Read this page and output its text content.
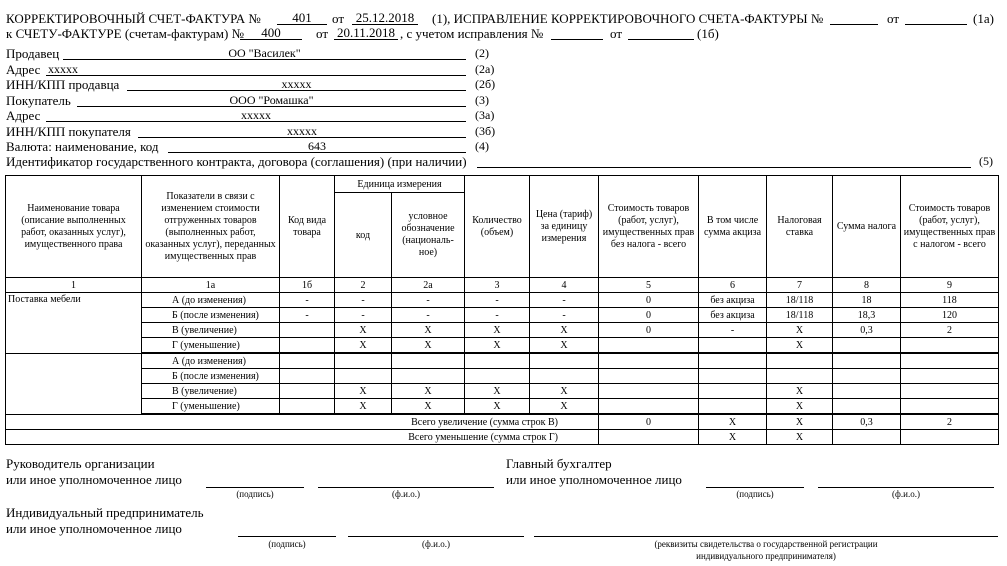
КОРРЕКТИРОВОЧНЫЙ СЧЕТ-ФАКТУРА №	401	от 25.12.2018 (1), ИСПРАВЛЕНИЕ КОРРЕКТИРОВОЧНОГО СЧЕТА-ФАКТУРЫ №	от	(1а)
к СЧЕТУ-ФАКТУРЕ (счетам-фактурам) №	400	от 20.11.2018 , с учетом исправления №	от	(1б)
Продавец	ОО "Василек"	(2)
Адрес xxxxx	(2а)
ИНН/КПП продавца	xxxxx	(2б)
Покупатель	ООО "Ромашка"	(3)
Адрес	xxxxx	(3а)
ИНН/КПП покупателя	xxxxx	(3б)
Валюта: наименование, код	643	(4)
Идентификатор государственного контракта, договора (соглашения) (при наличии)	(5)
Наименование товара (описание выполненных работ, оказанных услуг), имущественного права	Показатели в связи с изменением стоимости отгруженных товаров (выполненных работ, оказанных услуг), переданных имущественных прав	Код вида товара	Единица измерения		Количество (объем)	Цена (тариф) за единицу измерения	Стоимость товаров (работ, услуг), имущественных прав без налога - всего	В том числе сумма акциза	Налоговая ставка	Сумма налога	Стоимость товаров (работ, услуг), имущественных прав с налогом - всего
			код	условное обозначение (националь-ное)							
1	1а	1б	2	2а	3	4	5	6	7	8	9
Поставка мебели	А (до изменения)	-	-	-	-	-	0	без акциза	18/118	18	118
	Б (после изменения)	-	-	-	-	-	0	без акциза	18/118	18,3	120
	В (увеличение)		X	X	X	X	0	-	X	0,3	2
	Г (уменьшение)		X	X	X	X			X		
	А (до изменения)										
	Б (после изменения)										
	В (увеличение)		X	X	X	X			X		
	Г (уменьшение)		X	X	X	X			X		
Всего увеличение (сумма строк В)							0	X	X	0,3	2
Всего уменьшение (сумма строк Г)								X	X		
Руководитель организации
или иное уполномоченное лицо
(подпись)	(ф.и.о.)
Главный бухгалтер
или иное уполномоченное лицо
(подпись)	(ф.и.о.)
Индивидуальный предприниматель
или иное уполномоченное лицо
(подпись)	(ф.и.о.)	(реквизиты свидетельства о государственной регистрации
индивидуального предпринимателя)
